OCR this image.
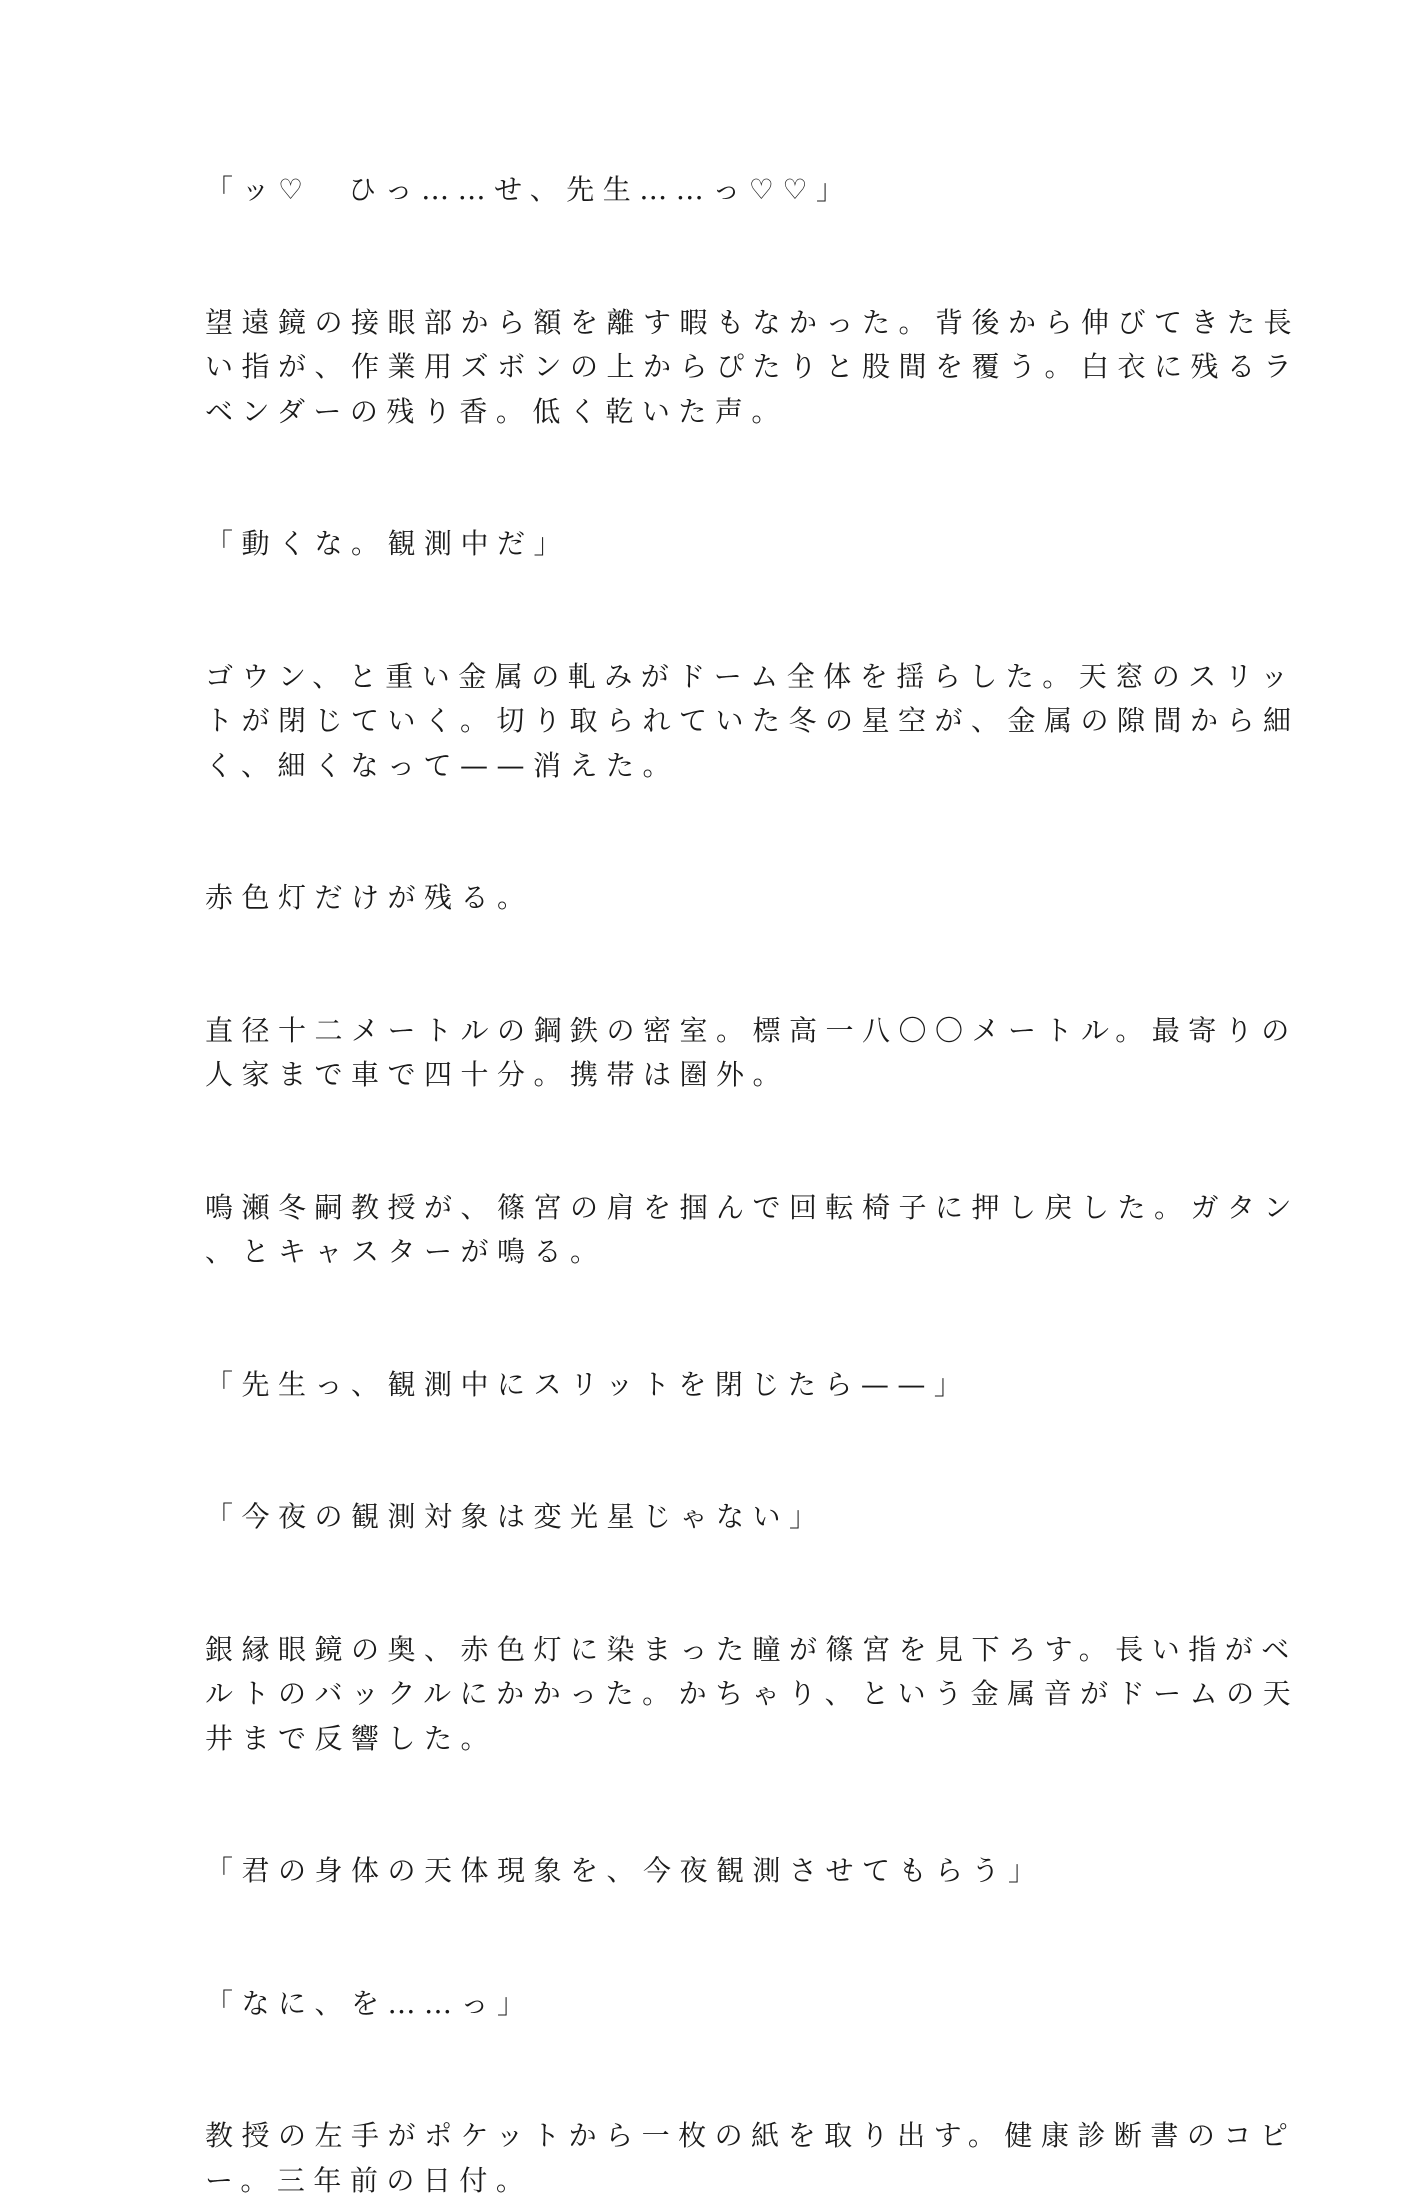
「ッ♡　ひっ……せ、先生……っ♡♡」

望遠鏡の接眼部から額を離す暇もなかった。背後から伸びてきた長
い指が、作業用ズボンの上からぴたりと股間を覆う。白衣に残るラ
ベンダーの残り香。低く乾いた声。

「動くな。観測中だ」

ゴウン、と重い金属の軋みがドーム全体を揺らした。天窓のスリッ
トが閉じていく。切り取られていた冬の星空が、金属の隙間から細
く、細くなって——消えた。

赤色灯だけが残る。

直径十二メートルの鋼鉄の密室。標高一八〇〇メートル。最寄りの
人家まで車で四十分。携帯は圏外。

鳴瀬冬嗣教授が、篠宮の肩を掴んで回転椅子に押し戻した。ガタン
、とキャスターが鳴る。

「先生っ、観測中にスリットを閉じたら——」

「今夜の観測対象は変光星じゃない」

銀縁眼鏡の奥、赤色灯に染まった瞳が篠宮を見下ろす。長い指がベ
ルトのバックルにかかった。かちゃり、という金属音がドームの天
井まで反響した。

「君の身体の天体現象を、今夜観測させてもらう」

「なに、を……っ」

教授の左手がポケットから一枚の紙を取り出す。健康診断書のコピ
ー。三年前の日付。
